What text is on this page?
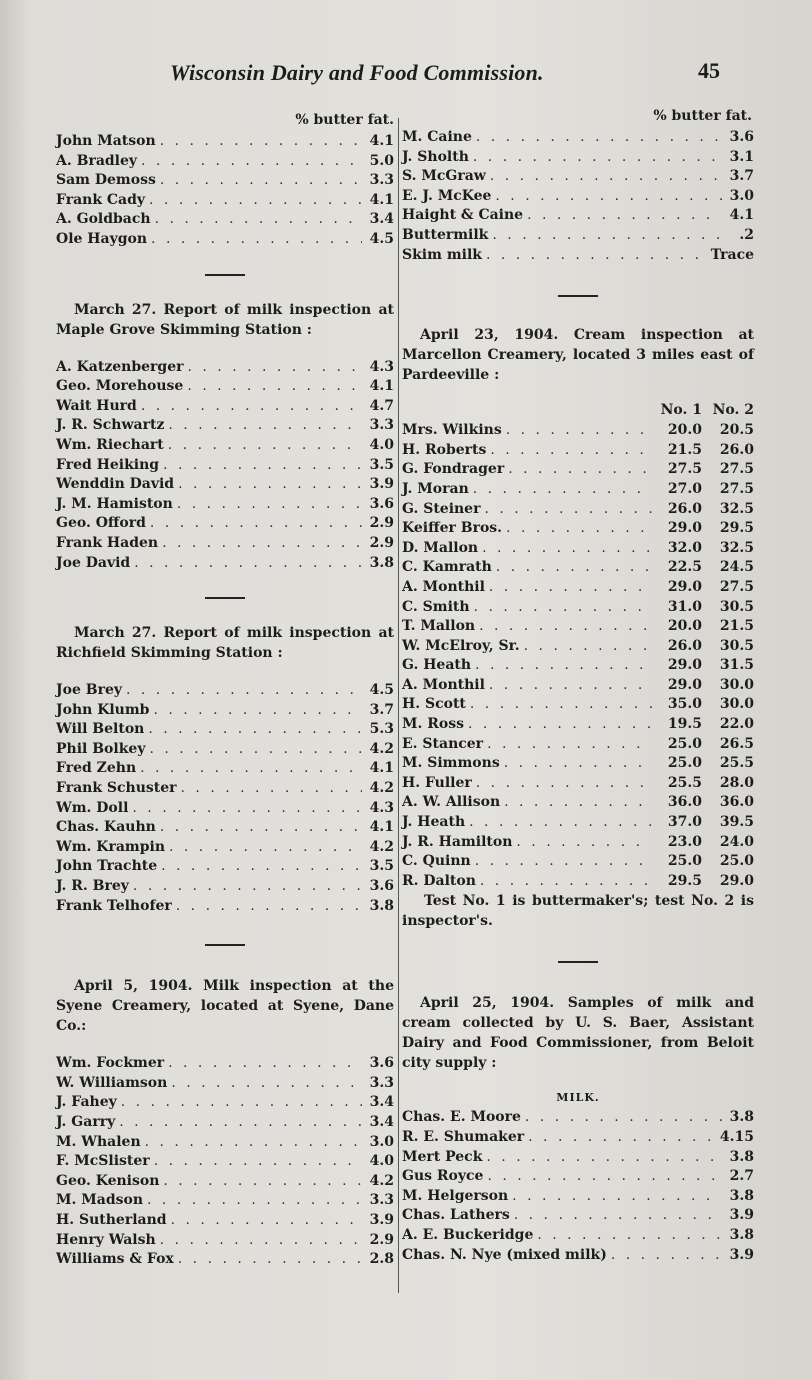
Wisconsin Dairy and Food Commission.	45
% butter fat.
John Matson . . .	4.1
A. Bradley . . .	5.0
Sam Demoss . . .	3.3
Frank Cady . . .	4.1
A. Goldbach . . .	3.4
Ole Haygon . . .	4.5
March 27. Report of milk inspection at Maple Grove Skimming Station :
A. Katzenberger . . .	4.3
Geo. Morehouse . . .	4.1
Wait Hurd . . .	4.7
J. R. Schwartz . . .	3.3
Wm. Riechart . . .	4.0
Fred Heiking . . .	3.5
Wenddin David . . .	3.9
J. M. Hamiston . . .	3.6
Geo. Offord . . .	2.9
Frank Haden . . .	2.9
Joe David . . .	3.8
March 27. Report of milk inspection at Richfield Skimming Station :
Joe Brey . . .	4.5
John Klumb . . .	3.7
Will Belton . . .	5.3
Phil Bolkey . . .	4.2
Fred Zehn . . .	4.1
Frank Schuster . . .	4.2
Wm. Doll . . .	4.3
Chas. Kauhn . . .	4.1
Wm. Krampin . . .	4.2
John Trachte . . .	3.5
J. R. Brey . . .	3.6
Frank Telhofer . . .	3.8
April 5, 1904. Milk inspection at the Syene Creamery, located at Syene, Dane Co.:
Wm. Fockmer . . .	3.6
W. Williamson . . .	3.3
J. Fahey . . .	3.4
J. Garry . . .	3.4
M. Whalen . . .	3.0
F. McSlister . . .	4.0
Geo. Kenison . . .	4.2
M. Madson . . .	3.3
H. Sutherland . . .	3.9
Henry Walsh . . .	2.9
Williams & Fox . . .	2.8
% butter fat.
M. Caine . . .	3.6
J. Sholth . . .	3.1
S. McGraw . . .	3.7
E. J. McKee . . .	3.0
Haight & Caine . . .	4.1
Buttermilk . . .	.2
Skim milk . . .	Trace
April 23, 1904. Cream inspection at Marcellon Creamery, located 3 miles east of Pardeeville :
No. 1 No. 2
Mrs. Wilkins . . .	20.0	20.5
H. Roberts . . .	21.5	26.0
G. Fondrager . . .	27.5	27.5
J. Moran . . .	27.0	27.5
G. Steiner . . .	26.0	32.5
Keiffer Bros. . . .	29.0	29.5
D. Mallon . . .	32.0	32.5
C. Kamrath . . .	22.5	24.5
A. Monthil . . .	29.0	27.5
C. Smith . . .	31.0	30.5
T. Mallon . . .	20.0	21.5
W. McElroy, Sr. . . .	26.0	30.5
G. Heath . . .	29.0	31.5
A. Monthil . . .	29.0	30.0
H. Scott . . .	35.0	30.0
M. Ross . . .	19.5	22.0
E. Stancer . . .	25.0	26.5
M. Simmons . . .	25.0	25.5
H. Fuller . . .	25.5	28.0
A. W. Allison . . .	36.0	36.0
J. Heath . . .	37.0	39.5
J. R. Hamilton . . .	23.0	24.0
C. Quinn . . .	25.0	25.0
R. Dalton . . .	29.5	29.0
Test No. 1 is buttermaker's; test No. 2 is inspector's.
April 25, 1904. Samples of milk and cream collected by U. S. Baer, Assistant Dairy and Food Commissioner, from Beloit city supply :
MILK.
Chas. E. Moore . . .	3.8
R. E. Shumaker . . .	4.15
Mert Peck . . .	3.8
Gus Royce . . .	2.7
M. Helgerson . . .	3.8
Chas. Lathers . . .	3.9
A. E. Buckeridge . . .	3.8
Chas. N. Nye (mixed milk) . . .	3.9
